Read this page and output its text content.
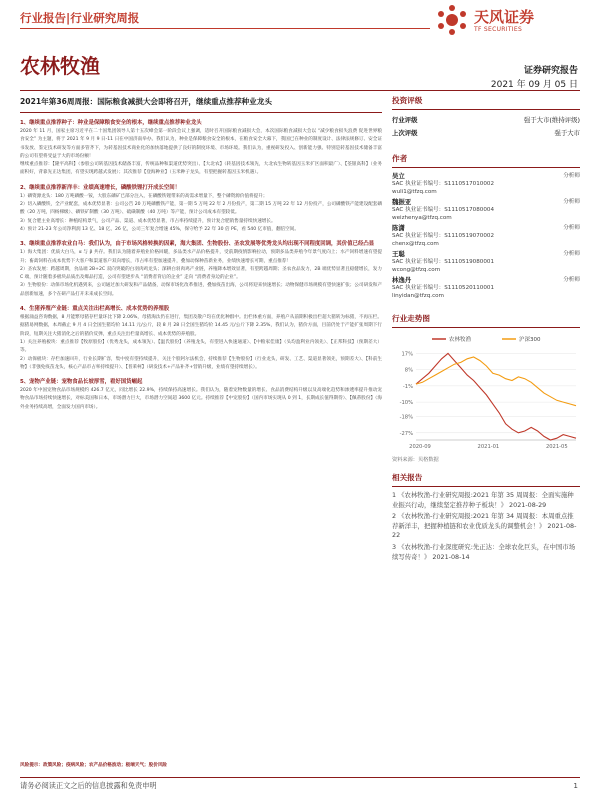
行业报告|行业研究周报	天风证券
TF SECURITIES
农林牧渔	证券研究报告
2021 年 09 月 05 日
2021年第36周周报：国际粮食减损大会即将召开，继续重点推荐种业龙头
1、继续重点推荐种子：种业是保障粮食安全的根本，继续重点推荐种业龙头

2020 年 11 月，国家主席习近平在二十国集团领导人第十五次峰会第一阶段会议上强调，适时召开国际粮食减损大会，本次国际粮食减损大会以 “减少粮食损失浪费 促进世界粮食安全” 为主题，将于 2021 年 9 月 9 日-11 日在中国济南举办。我们认为，种业是保障粮食安全的根本，在粮食安全大幕下，我国已在种业的制度设计、法律法规修订、安全证书发放、鉴定技术研发等方面多管齐下，为转基因技术商业化的加快落地提供了良好的制度环境、市场环境。我们认为，重视研发投入、创新能力强、特别是转基因技术储备丰富的公司有望将受益于大的市场份额！

继续重点推荐：【隆平高科】（参股公司转基因技术储备丰富，传统品种和渠道优势突出）、【大北农】（转基因技术领先，大北农生物转基因玉米扩区面积最广）、【荃银高科】（业务面积好，背靠先正达集团，有望实现跨越式发展）；其次推荐【登海种业】（玉米种子龙头，有望把握转基因玉米机遇）。

2、继续重点推荐新洋丰：业绩高速增长，磷酸铁锂打开成长空间！

1）磷资源龙头：180 万吨磷酸一铵，大股东磷矿已部分注入，在磷酸铁锂带来的高需求增量下，整个磷资源价值将提升；

2）切入磷酸铁，全产业配套，成本优势显著：公司公告 20 万吨磷酸铁产能，第一期 5 万吨 22 年 2 月份投产，第二期 15 万吨 22 年 12 月份投产，公司磷酸铁产能建设配套磷酸（20 万吨，四杨梯级）、磷铁矿制酸（30 万吨）、硫磺制酸（40 万吨）等产能，预计公司成本有望较低。

3）复合肥主业高增长：种植结构景气，公司产品、渠道、成本优势显著，市占率持续提升，预计复合肥销售量持续快速增长。

4）预计 21-23 年公司净利润 13 亿、18 亿、26 亿，公司三年复合增速 45%，保守给予 22 年 30 倍 PE，看 540 亿市值，翻倍空间。

3、继续重点推荐农业白马：我们认为，由于市场风格转换的因素，海大集团、生物股份、圣农发展等优秀龙头均出现不同程度回调，其价值已经凸显

1）海大集团：优质大白马，α 与 β 共存。我们认为随着养殖业价格回暖，多品类水产品价格提升，受前期疫情影响拉动，预期多品类养殖今年景气度向上；水产饲料增速有望提升；畜禽饲料在成本优势下大客户和渠道客户双向增长，市占率有望加速提升，叠加动保种苗新业务，业绩快速增长可期，重点推荐！

2）圣农发展：跨越周期，食品端 2B+2C 双向突破的白羽肉鸡龙头；深耕白羽肉鸡产业链，养殖降本增效显著，有望跨越周期；圣农食品发力，2B 端优势显著且稳健增长，发力 C 端，预计随着多板块品质出及爆品打造，公司有望逐步从 “消费者背后的企业” 走向 “消费者身边的企业”。

3）生物股份：动保市场化机遇到来，公司通过加大研发和产品储备，动保市场化改革推进，叠加疫苗出海，公司将迎来快速增长；动物保健市场规模有望快速扩张；公司研发和产品创新加速，多个在研产品打开未来成长空间。

4、生猪养殖产业链：重点关注出栏高增长、成本优势的养殖股

根据涌益咨询数据，8 月能繁母猪存栏量环比下降 2.06%，母猪淘汰仍在进行，集团及散户均在优化种群中。出栏体重方面，养殖户从前期积极出栏超大猪转为标猪，不再压栏。据猪易网数据，本周截止 9 月 4 日全国生猪均价 14.11 元/公斤，较 8 月 28 日全国生猪均价 14.45 元/公斤下降 2.35%，我们认为，猪价方面，目前仍处于产能扩张周期下行阶段，短期关注大猪消化之后的猪价反弹，重点关注出栏量高增长、成本优势的养殖股。

1）关注养殖板块：重点推荐【牧原股份】（优秀龙头，成本领先）、【温氏股份】（养殖龙头，有望进入快速通道）、【中粮家佳康】（头均盈利业内领先）、【正邦科技】（预期差大）等。

2）动保板块：存栏加速回升，行业长期扩容，集中度有望持续提升，关注个股阿尔法机会，持续推荐【生物股份】（行业龙头，研发、工艺、渠道显著领先，预期差大）、【科前生物】（非强免疫苗龙头，核心产品市占率持续提升）、【普莱柯】（研发技术+产品补齐+营销升级，业绩有望持续增长）。

5、宠物产业链：宠物食品长坡厚雪，看好国货崛起

2020 年中国宠物食品市场规模约 426.7 亿元，同比增长 22.9%，持续保持高速增长。我们认为，随着宠物数量的增长、食品消费结构升级以及高端化趋势和渗透率提升推动宠物食品市场持续快速增长，对标美国和日本，市场潜力巨大，市场潜力空间超 3600 亿元。持续推荐【中宠股份】（国内市场实现从 0 到 1，长期成长值得期待）、【佩蒂股份】（海外业务持续高增，全面发力国内市场）。

风险提示：政策风险；疫病风险；农产品价格波动；极端天气；股价风险
投资评级
行业评级	强于大市(维持评级)
上次评级	强于大市
作者
吴立	分析师
SAC 执业证书编号：S1110517010002
wuli1@tfzq.com
魏振亚	分析师
SAC 执业证书编号：S1110517080004
weizhenya@tfzq.com
陈潇	分析师
SAC 执业证书编号：S1110519070002
chenx@tfzq.com
王聪	分析师
SAC 执业证书编号：S1110519080001
wcong@tfzq.com
林逸丹	分析师
SAC 执业证书编号：S1110520110001
linyidan@tfzq.com
行业走势图
农林牧渔	沪深300
17%
8%
-1%
-10%
-18%
-27%
2020-09	2021-01	2021-05
资料来源：贝格数据
相关报告
1 《农林牧渔-行业研究周报:2021 年第 35 周周报：全面实施种业振兴行动，继续坚定推荐种子板块！》 2021-08-29
2 《农林牧渔-行业研究周报:2021 年第 34 周周报：本周重点推荐新洋丰，把握种植链和农业优质龙头的调整机会！》 2021-08-22
3 《农林牧渔-行业深度研究:先正达：全球农化巨头，在中国市场续写传奇！》 2021-08-14
请务必阅读正文之后的信息披露和免责申明	1
